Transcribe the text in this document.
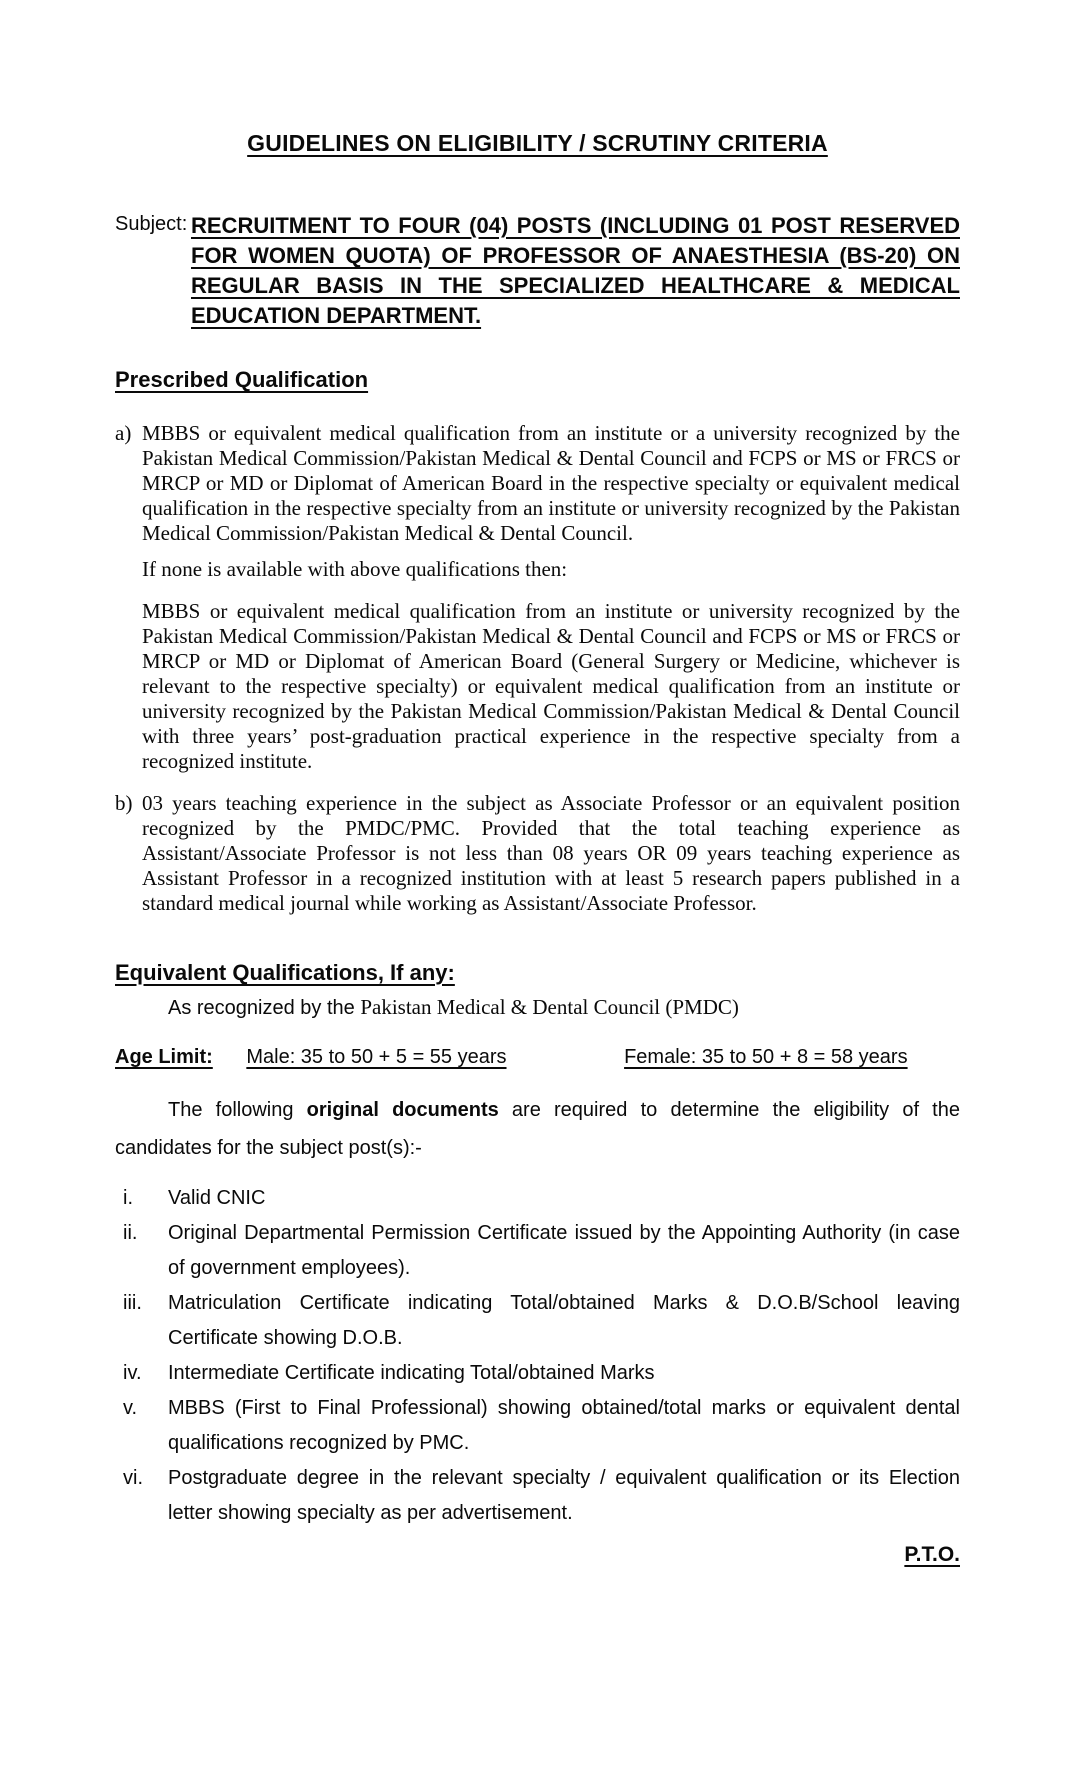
GUIDELINES ON ELIGIBILITY / SCRUTINY CRITERIA
Subject: RECRUITMENT TO FOUR (04) POSTS (INCLUDING 01 POST RESERVED FOR WOMEN QUOTA) OF PROFESSOR OF ANAESTHESIA (BS-20) ON REGULAR BASIS IN THE SPECIALIZED HEALTHCARE & MEDICAL EDUCATION DEPARTMENT.
Prescribed Qualification
a) MBBS or equivalent medical qualification from an institute or a university recognized by the Pakistan Medical Commission/Pakistan Medical & Dental Council and FCPS or MS or FRCS or MRCP or MD or Diplomat of American Board in the respective specialty or equivalent medical qualification in the respective specialty from an institute or university recognized by the Pakistan Medical Commission/Pakistan Medical & Dental Council.
If none is available with above qualifications then:
MBBS or equivalent medical qualification from an institute or university recognized by the Pakistan Medical Commission/Pakistan Medical & Dental Council and FCPS or MS or FRCS or MRCP or MD or Diplomat of American Board (General Surgery or Medicine, whichever is relevant to the respective specialty) or equivalent medical qualification from an institute or university recognized by the Pakistan Medical Commission/Pakistan Medical & Dental Council with three years’ post-graduation practical experience in the respective specialty from a recognized institute.
b) 03 years teaching experience in the subject as Associate Professor or an equivalent position recognized by the PMDC/PMC. Provided that the total teaching experience as Assistant/Associate Professor is not less than 08 years OR 09 years teaching experience as Assistant Professor in a recognized institution with at least 5 research papers published in a standard medical journal while working as Assistant/Associate Professor.
Equivalent Qualifications, If any:
As recognized by the Pakistan Medical & Dental Council (PMDC)
Age Limit: Male: 35 to 50 + 5 = 55 years	Female: 35 to 50 + 8 = 58 years
The following original documents are required to determine the eligibility of the candidates for the subject post(s):-
i.	Valid CNIC
ii.	Original Departmental Permission Certificate issued by the Appointing Authority (in case of government employees).
iii.	Matriculation Certificate indicating Total/obtained Marks & D.O.B/School leaving Certificate showing D.O.B.
iv.	Intermediate Certificate indicating Total/obtained Marks
v.	MBBS (First to Final Professional) showing obtained/total marks or equivalent dental qualifications recognized by PMC.
vi.	Postgraduate degree in the relevant specialty / equivalent qualification or its Election letter showing specialty as per advertisement.
P.T.O.
